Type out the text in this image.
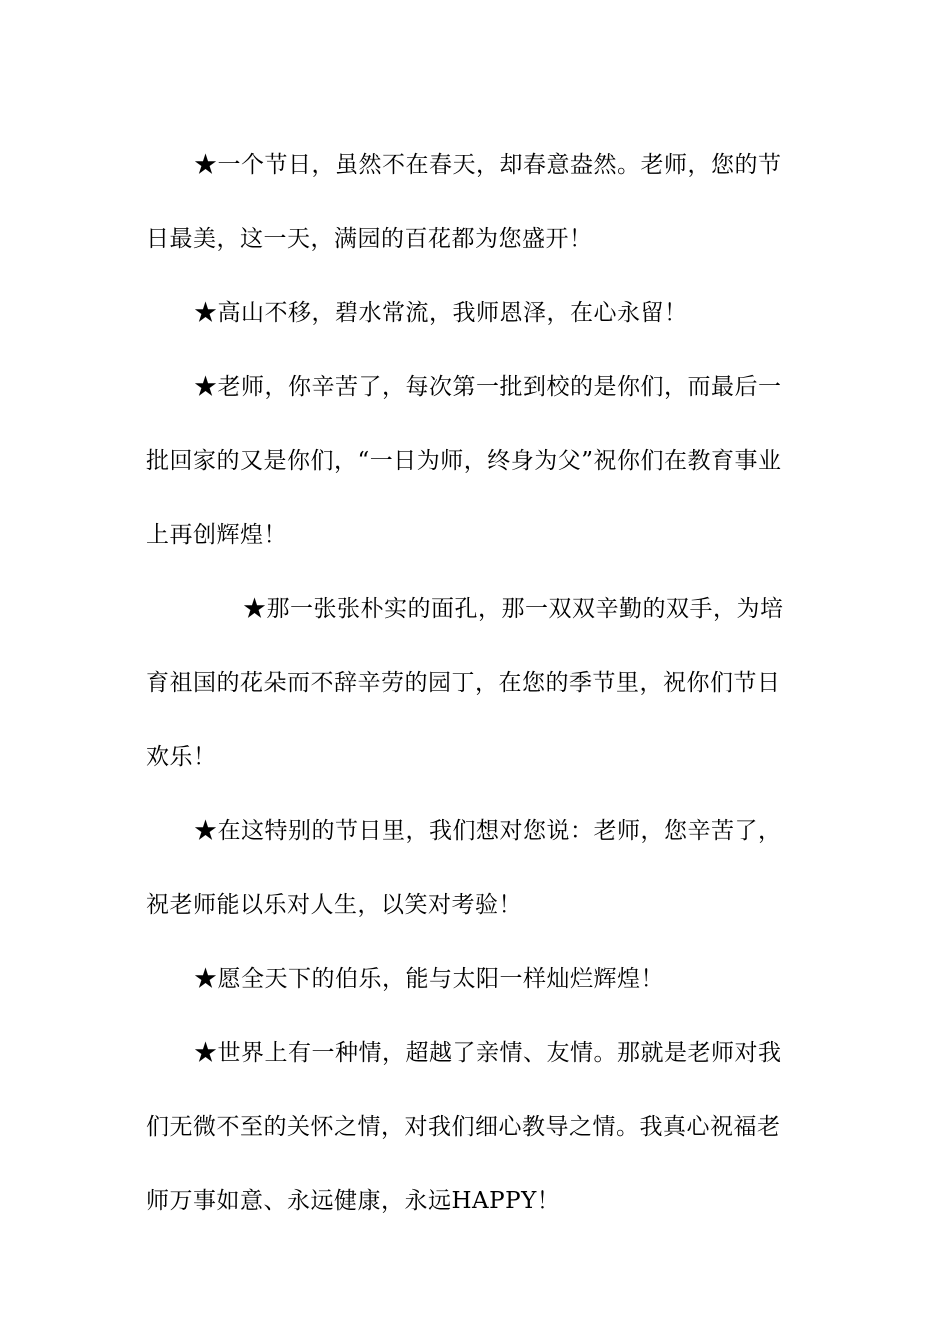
★一个节日，虽然不在春天，却春意盎然。老师，您的节
日最美，这一天，满园的百花都为您盛开！

★高山不移，碧水常流，我师恩泽，在心永留！

★老师，你辛苦了，每次第一批到校的是你们，而最后一
批回家的又是你们，“一日为师，终身为父”祝你们在教育事业
上再创辉煌！

★那一张张朴实的面孔，那一双双辛勤的双手，为培
育祖国的花朵而不辞辛劳的园丁，在您的季节里，祝你们节日
欢乐！

★在这特别的节日里，我们想对您说：老师，您辛苦了，
祝老师能以乐对人生，以笑对考验！

★愿全天下的伯乐，能与太阳一样灿烂辉煌！

★世界上有一种情，超越了亲情、友情。那就是老师对我
们无微不至的关怀之情，对我们细心教导之情。我真心祝福老
师万事如意、永远健康，永远HAPPY！
